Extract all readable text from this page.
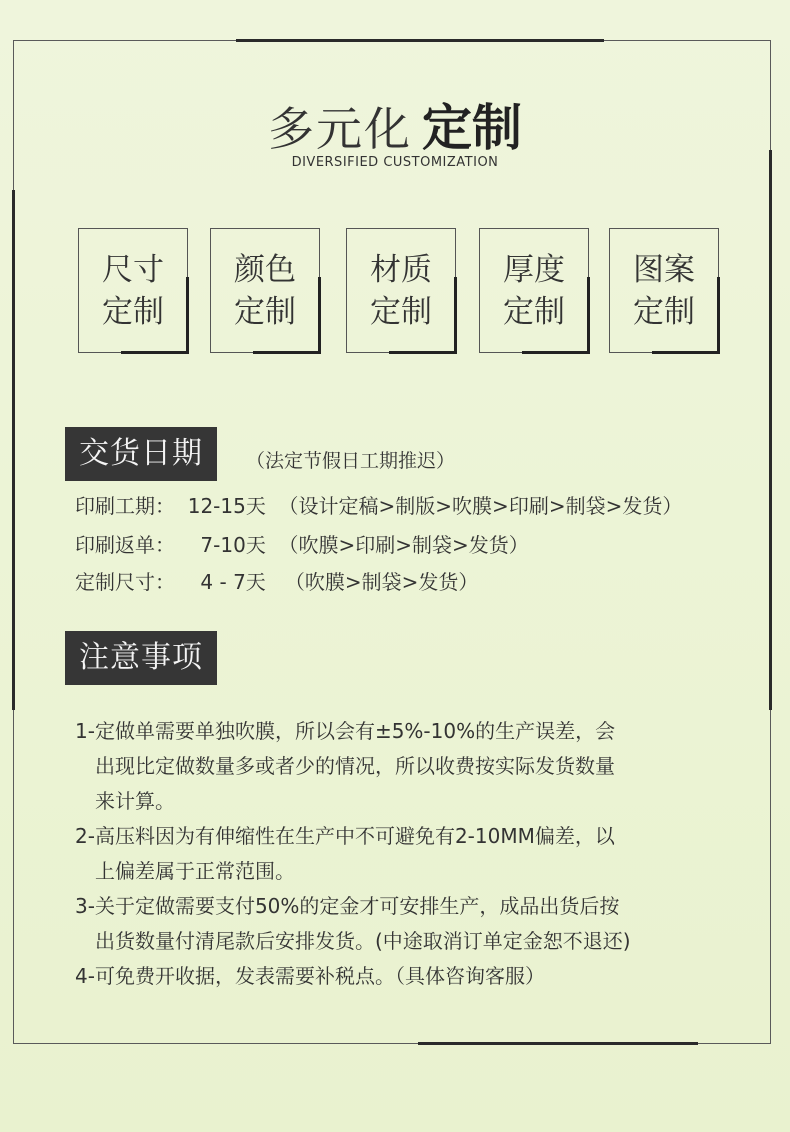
多元化 定制
DIVERSIFIED CUSTOMIZATION
尺寸
定制
颜色
定制
材质
定制
厚度
定制
图案
定制
交货日期	（法定节假日工期推迟）
印刷工期：  12-15天  （设计定稿>制版>吹膜>印刷>制袋>发货）
印刷返单：    7-10天  （吹膜>印刷>制袋>发货）
定制尺寸：    4 - 7天   （吹膜>制袋>发货）
注意事项
1-定做单需要单独吹膜，所以会有±5%-10%的生产误差，会
出现比定做数量多或者少的情况，所以收费按实际发货数量
来计算。
2-高压料因为有伸缩性在生产中不可避免有2-10MM偏差，以
上偏差属于正常范围。
3-关于定做需要支付50%的定金才可安排生产，成品出货后按
出货数量付清尾款后安排发货。(中途取消订单定金恕不退还)
4-可免费开收据，发表需要补税点。（具体咨询客服）
